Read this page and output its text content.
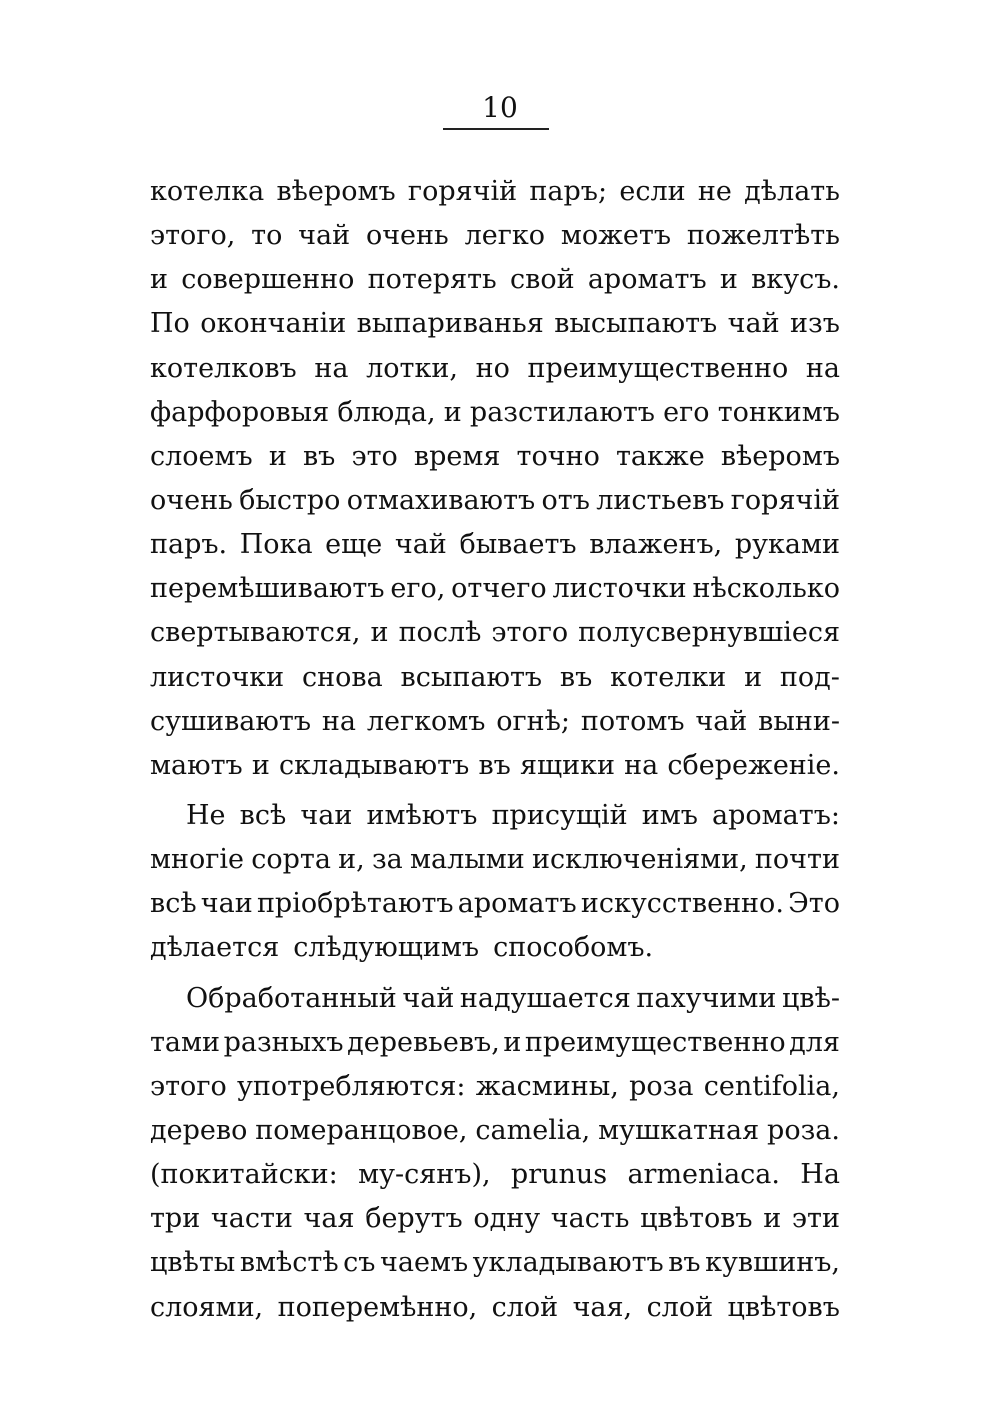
10
котелка вѣеромъ горячій паръ; если не дѣлать
этого, то чай очень легко можетъ пожелтѣть
и совершенно потерять свой ароматъ и вкусъ.
По окончаніи выпариванья высыпаютъ чай изъ
котелковъ на лотки, но преимущественно на
фарфоровыя блюда, и разстилаютъ его тонкимъ
слоемъ и въ это время точно также вѣеромъ
очень быстро отмахиваютъ отъ листьевъ горячій
паръ. Пока еще чай бываетъ влаженъ, руками
перемѣшиваютъ его, отчего листочки нѣсколько
свертываются, и послѣ этого полусвернувшіеся
листочки снова всыпаютъ въ котелки и под-
сушиваютъ на легкомъ огнѣ; потомъ чай выни-
маютъ и складываютъ въ ящики на сбереженіе.
Не всѣ чаи имѣютъ присущій имъ ароматъ:
многіе сорта и, за малыми исключеніями, почти
всѣ чаи пріобрѣтаютъ ароматъ искусственно. Это
дѣлается слѣдующимъ способомъ.
Обработанный чай надушается пахучими цвѣ-
тами разныхъ деревьевъ, и преимущественно для
этого употребляются: жасмины, роза centifolia,
дерево померанцовое, camelia, мушкатная роза.
(покитайски: му-сянъ), prunus armeniaca. На
три части чая берутъ одну часть цвѣтовъ и эти
цвѣты вмѣстѣ съ чаемъ укладываютъ въ кувшинъ,
слоями, поперемѣнно, слой чая, слой цвѣтовъ
